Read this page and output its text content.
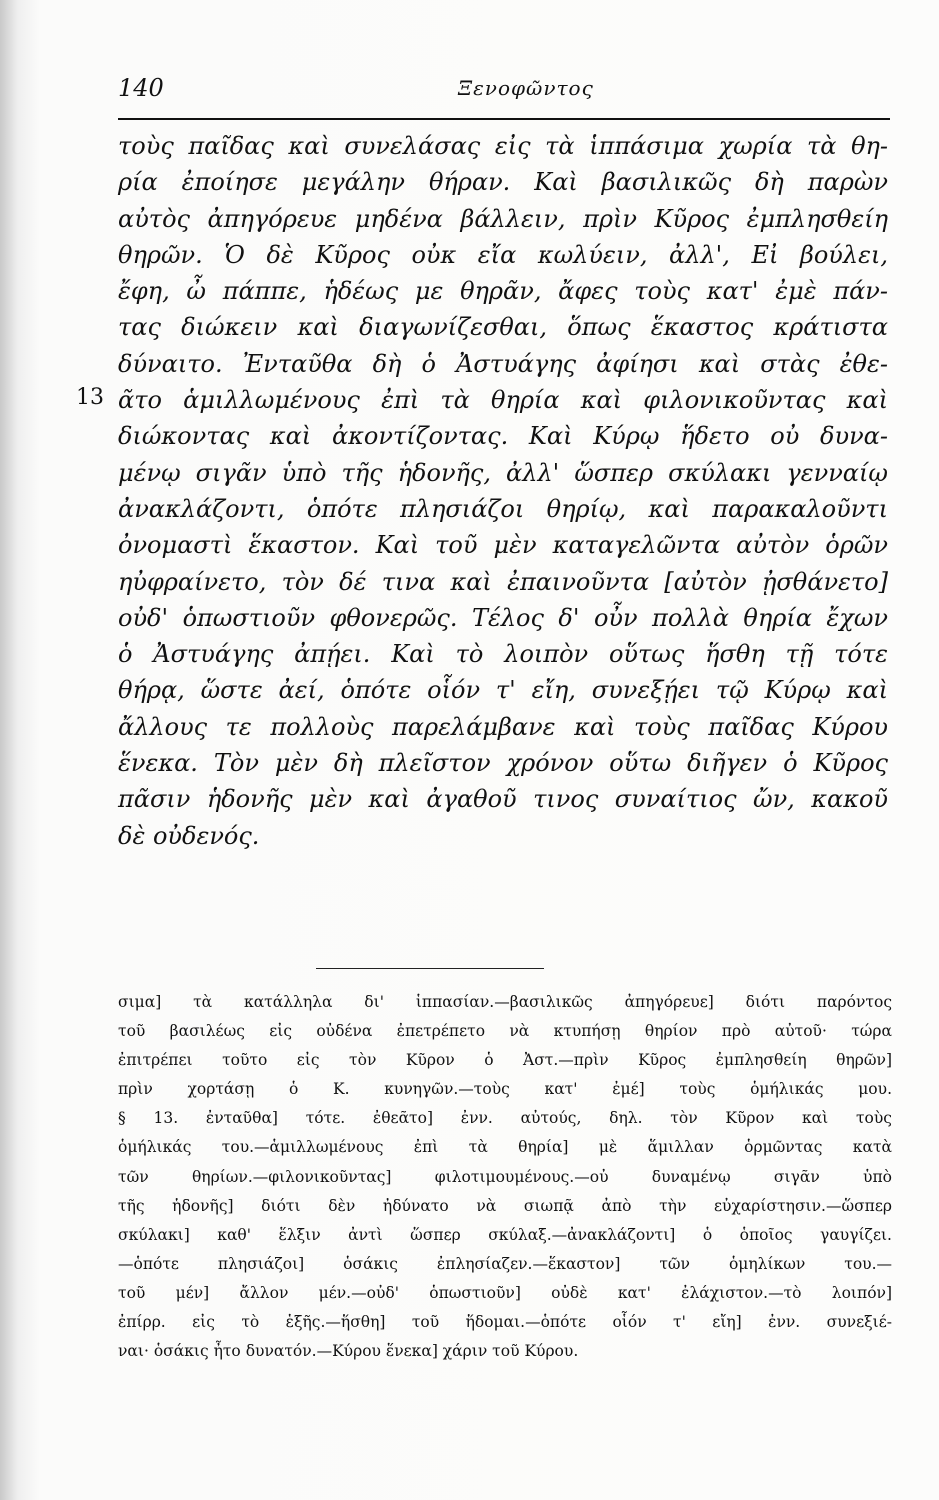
140	Ξενοφῶντος
13
τοὺς παῖδας καὶ συνελάσας εἰς τὰ ἱππάσιμα χωρία τὰ θη-
ρία ἐποίησε μεγάλην θήραν. Καὶ βασιλικῶς δὴ παρὼν
αὐτὸς ἀπηγόρευε μηδένα βάλλειν, πρὶν Κῦρος ἐμπλησθείη
θηρῶν. Ὁ δὲ Κῦρος οὐκ εἴα κωλύειν, ἀλλ', Εἰ βούλει,
ἔφη, ὦ πάππε, ἡδέως με θηρᾶν, ἄφες τοὺς κατ' ἐμὲ πάν-
τας διώκειν καὶ διαγωνίζεσθαι, ὅπως ἕκαστος κράτιστα
δύναιτο. Ἐνταῦθα δὴ ὁ Ἀστυάγης ἀφίησι καὶ στὰς ἐθε-
ᾶτο ἁμιλλωμένους ἐπὶ τὰ θηρία καὶ φιλονικοῦντας καὶ
διώκοντας καὶ ἀκοντίζοντας. Καὶ Κύρῳ ἥδετο οὐ δυνα-
μένῳ σιγᾶν ὑπὸ τῆς ἡδονῆς, ἀλλ' ὥσπερ σκύλακι γενναίῳ
ἀνακλάζοντι, ὁπότε πλησιάζοι θηρίῳ, καὶ παρακαλοῦντι
ὀνομαστὶ ἕκαστον. Καὶ τοῦ μὲν καταγελῶντα αὐτὸν ὁρῶν
ηὐφραίνετο, τὸν δέ τινα καὶ ἐπαινοῦντα [αὐτὸν ᾐσθάνετο]
οὐδ' ὁπωστιοῦν φθονερῶς. Τέλος δ' οὖν πολλὰ θηρία ἔχων
ὁ Ἀστυάγης ἀπῄει. Καὶ τὸ λοιπὸν οὕτως ἥσθη τῇ τότε
θήρᾳ, ὥστε ἀεί, ὁπότε οἷόν τ' εἴη, συνεξῄει τῷ Κύρῳ καὶ
ἄλλους τε πολλοὺς παρελάμβανε καὶ τοὺς παῖδας Κύρου
ἕνεκα. Τὸν μὲν δὴ πλεῖστον χρόνον οὕτω διῆγεν ὁ Κῦρος
πᾶσιν ἡδονῆς μὲν καὶ ἀγαθοῦ τινος συναίτιος ὤν, κακοῦ
δὲ οὐδενός.
σιμα] τὰ κατάλληλα δι' ἱππασίαν.—βασιλικῶς ἀπηγόρευε] διότι παρόντος
τοῦ βασιλέως εἰς οὐδένα ἐπετρέπετο νὰ κτυπήσῃ θηρίον πρὸ αὐτοῦ· τώρα
ἐπιτρέπει τοῦτο εἰς τὸν Κῦρον ὁ Ἀστ.—πρὶν Κῦρος ἐμπλησθείη θηρῶν]
πρὶν χορτάσῃ ὁ Κ. κυνηγῶν.—τοὺς κατ' ἐμέ] τοὺς ὁμήλικάς μου.
§ 13. ἐνταῦθα] τότε. ἐθεᾶτο] ἐνν. αὐτούς, δηλ. τὸν Κῦρον καὶ τοὺς
ὁμήλικάς του.—ἁμιλλωμένους ἐπὶ τὰ θηρία] μὲ ἅμιλλαν ὁρμῶντας κατὰ
τῶν θηρίων.—φιλονικοῦντας] φιλοτιμουμένους.—οὐ δυναμένῳ σιγᾶν ὑπὸ
τῆς ἡδονῆς] διότι δὲν ἠδύνατο νὰ σιωπᾷ ἀπὸ τὴν εὐχαρίστησιν.—ὥσπερ
σκύλακι] καθ' ἕλξιν ἀντὶ ὥσπερ σκύλαξ.—ἀνακλάζοντι] ὁ ὁποῖος γαυγίζει.
—ὁπότε πλησιάζοι] ὁσάκις ἐπλησίαζεν.—ἕκαστον] τῶν ὁμηλίκων του.—
τοῦ μέν] ἄλλον μέν.—οὐδ' ὁπωστιοῦν] οὐδὲ κατ' ἐλάχιστον.—τὸ λοιπόν]
ἐπίρρ. εἰς τὸ ἑξῆς.—ἥσθη] τοῦ ἥδομαι.—ὁπότε οἷόν τ' εἴη] ἐνν. συνεξιέ-
ναι· ὁσάκις ἦτο δυνατόν.—Κύρου ἕνεκα] χάριν τοῦ Κύρου.
